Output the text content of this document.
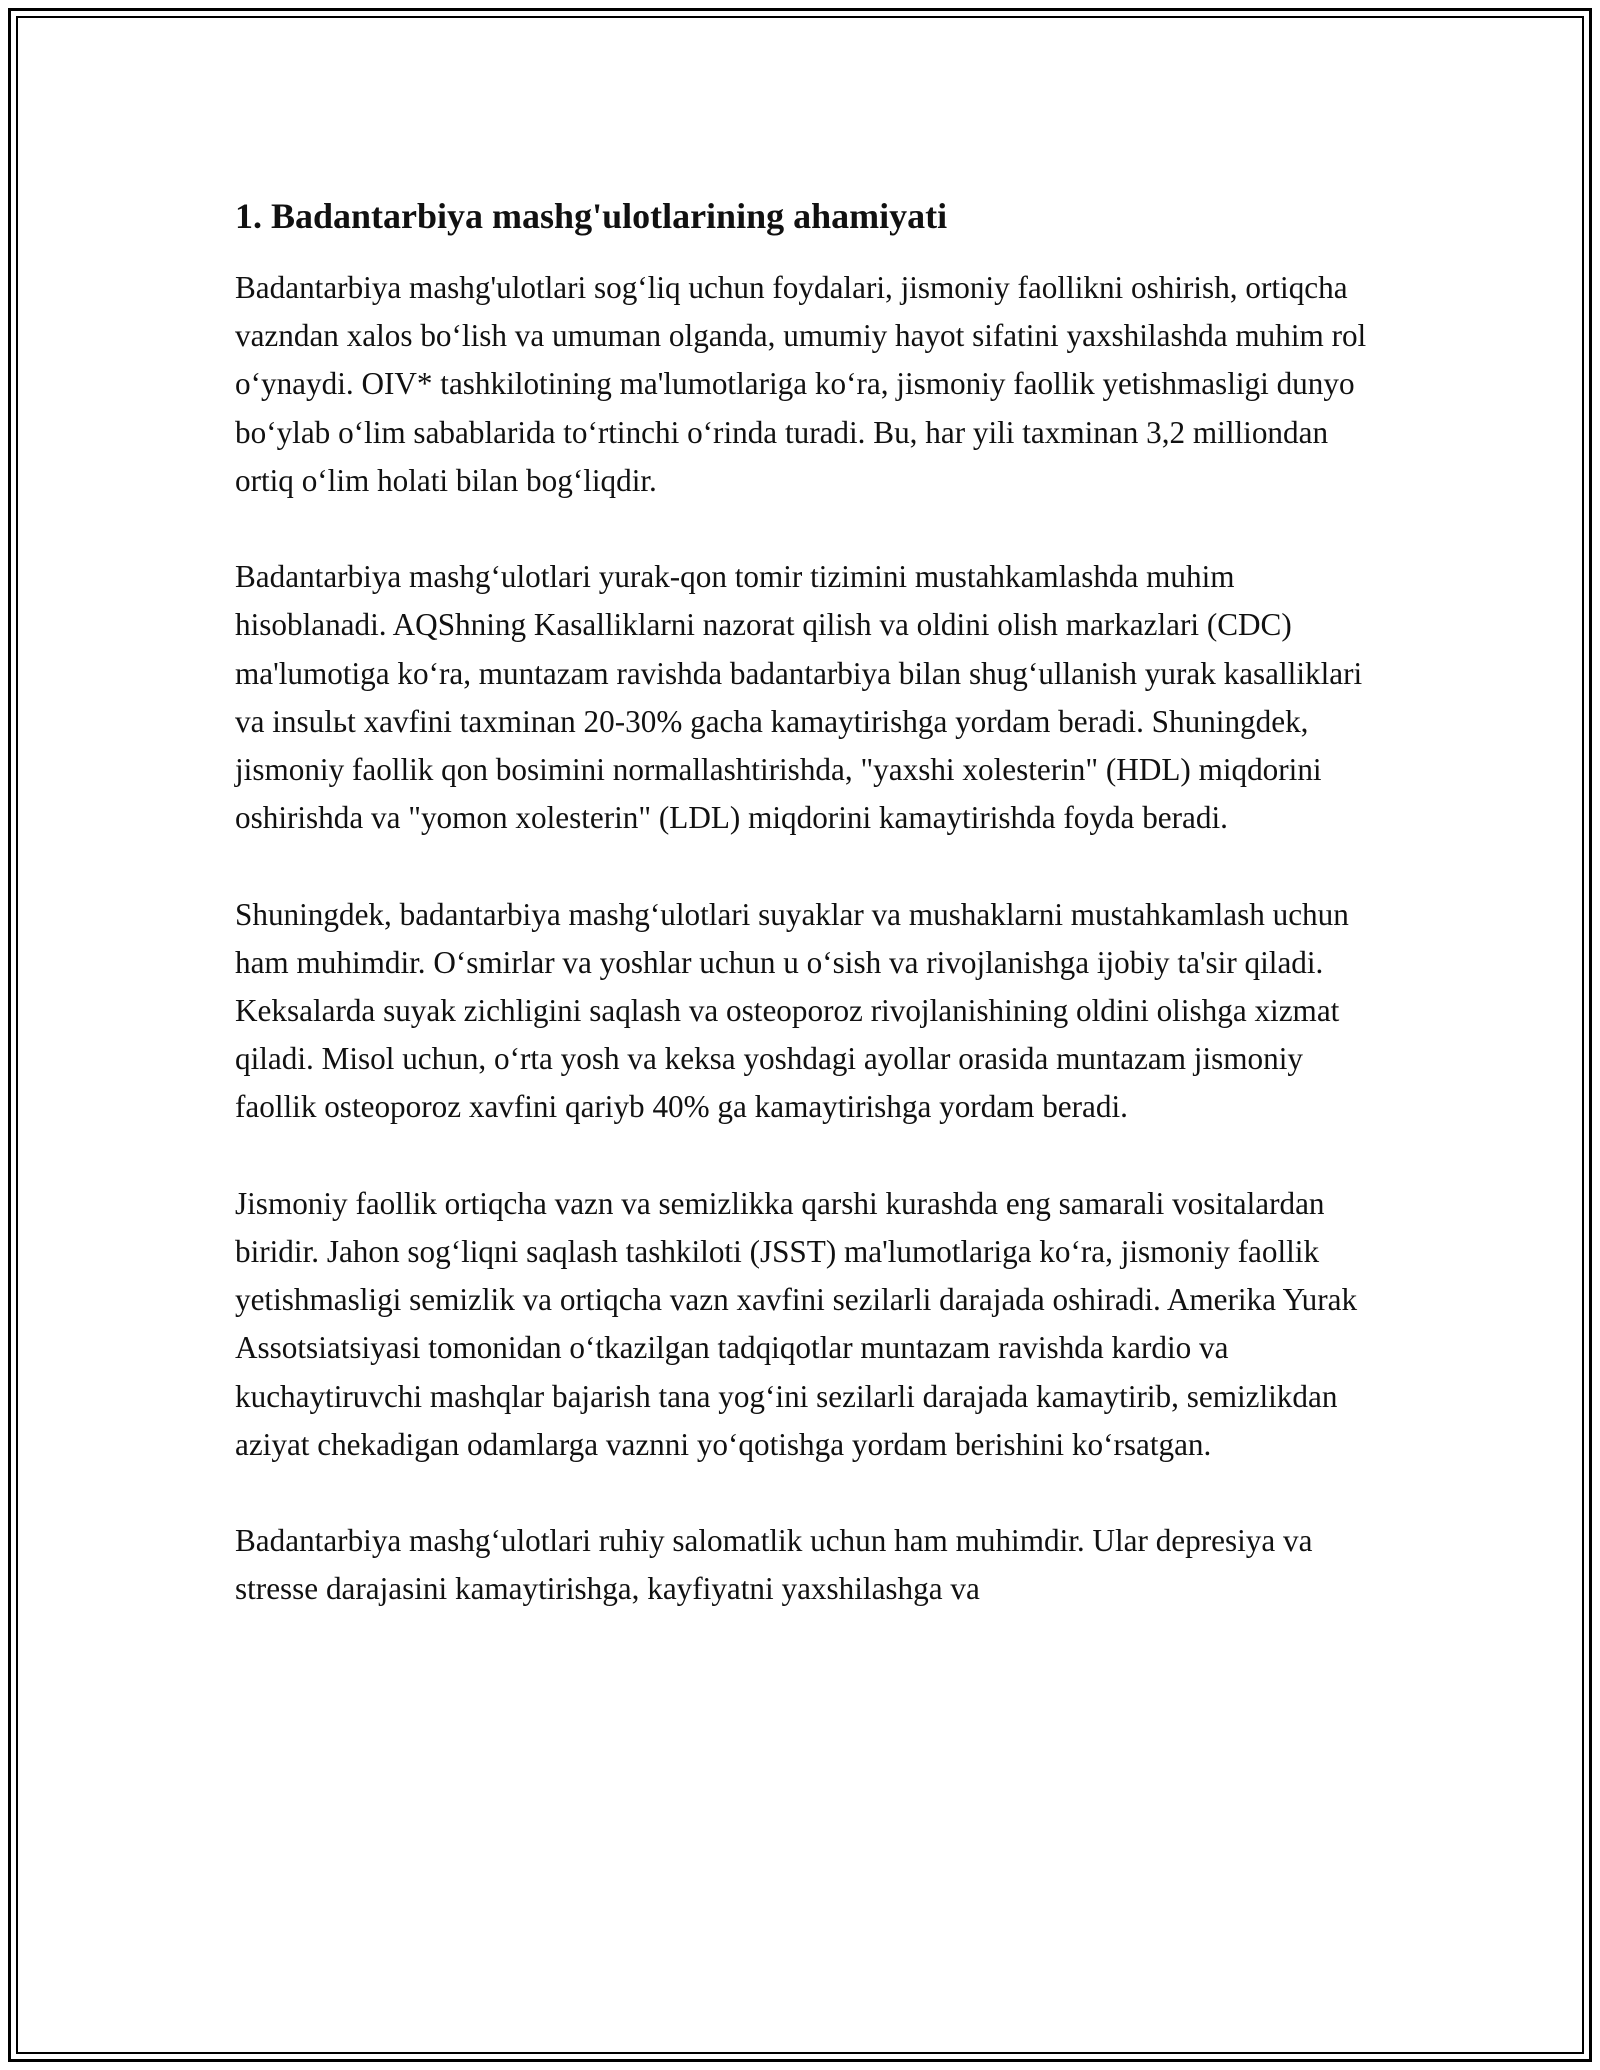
1. Badantarbiya mashg'ulotlarining ahamiyati

Badantarbiya mashg'ulotlari sog‘liq uchun foydalari, jismoniy faollikni oshirish, ortiqcha vazndan xalos bo‘lish va umuman olganda, umumiy hayot sifatini yaxshilashda muhim rol o‘ynaydi. OIV* tashkilotining ma'lumotlariga ko‘ra, jismoniy faollik yetishmasligi dunyo bo‘ylab o‘lim sabablarida to‘rtinchi o‘rinda turadi. Bu, har yili taxminan 3,2 milliondan ortiq o‘lim holati bilan bog‘liqdir.

Badantarbiya mashg‘ulotlari yurak-qon tomir tizimini mustahkamlashda muhim hisoblanadi. AQShning Kasalliklarni nazorat qilish va oldini olish markazlari (CDC) ma'lumotiga ko‘ra, muntazam ravishda badantarbiya bilan shug‘ullanish yurak kasalliklari va insulьt xavfini taxminan 20-30% gacha kamaytirishga yordam beradi. Shuningdek, jismoniy faollik qon bosimini normallashtirishda, "yaxshi xolesterin" (HDL) miqdorini oshirishda va "yomon xolesterin" (LDL) miqdorini kamaytirishda foyda beradi.

Shuningdek, badantarbiya mashg‘ulotlari suyaklar va mushaklarni mustahkamlash uchun ham muhimdir. O‘smirlar va yoshlar uchun u o‘sish va rivojlanishga ijobiy ta'sir qiladi. Keksalarda suyak zichligini saqlash va osteoporoz rivojlanishining oldini olishga xizmat qiladi. Misol uchun, o‘rta yosh va keksa yoshdagi ayollar orasida muntazam jismoniy faollik osteoporoz xavfini qariyb 40% ga kamaytirishga yordam beradi.

Jismoniy faollik ortiqcha vazn va semizlikka qarshi kurashda eng samarali vositalardan biridir. Jahon sog‘liqni saqlash tashkiloti (JSST) ma'lumotlariga ko‘ra, jismoniy faollik yetishmasligi semizlik va ortiqcha vazn xavfini sezilarli darajada oshiradi. Amerika Yurak Assotsiatsiyasi tomonidan o‘tkazilgan tadqiqotlar muntazam ravishda kardio va kuchaytiruvchi mashqlar bajarish tana yog‘ini sezilarli darajada kamaytirib, semizlikdan aziyat chekadigan odamlarga vaznni yo‘qotishga yordam berishini ko‘rsatgan.

Badantarbiya mashg‘ulotlari ruhiy salomatlik uchun ham muhimdir. Ular depresiya va stresse darajasini kamaytirishga, kayfiyatni yaxshilashga va
